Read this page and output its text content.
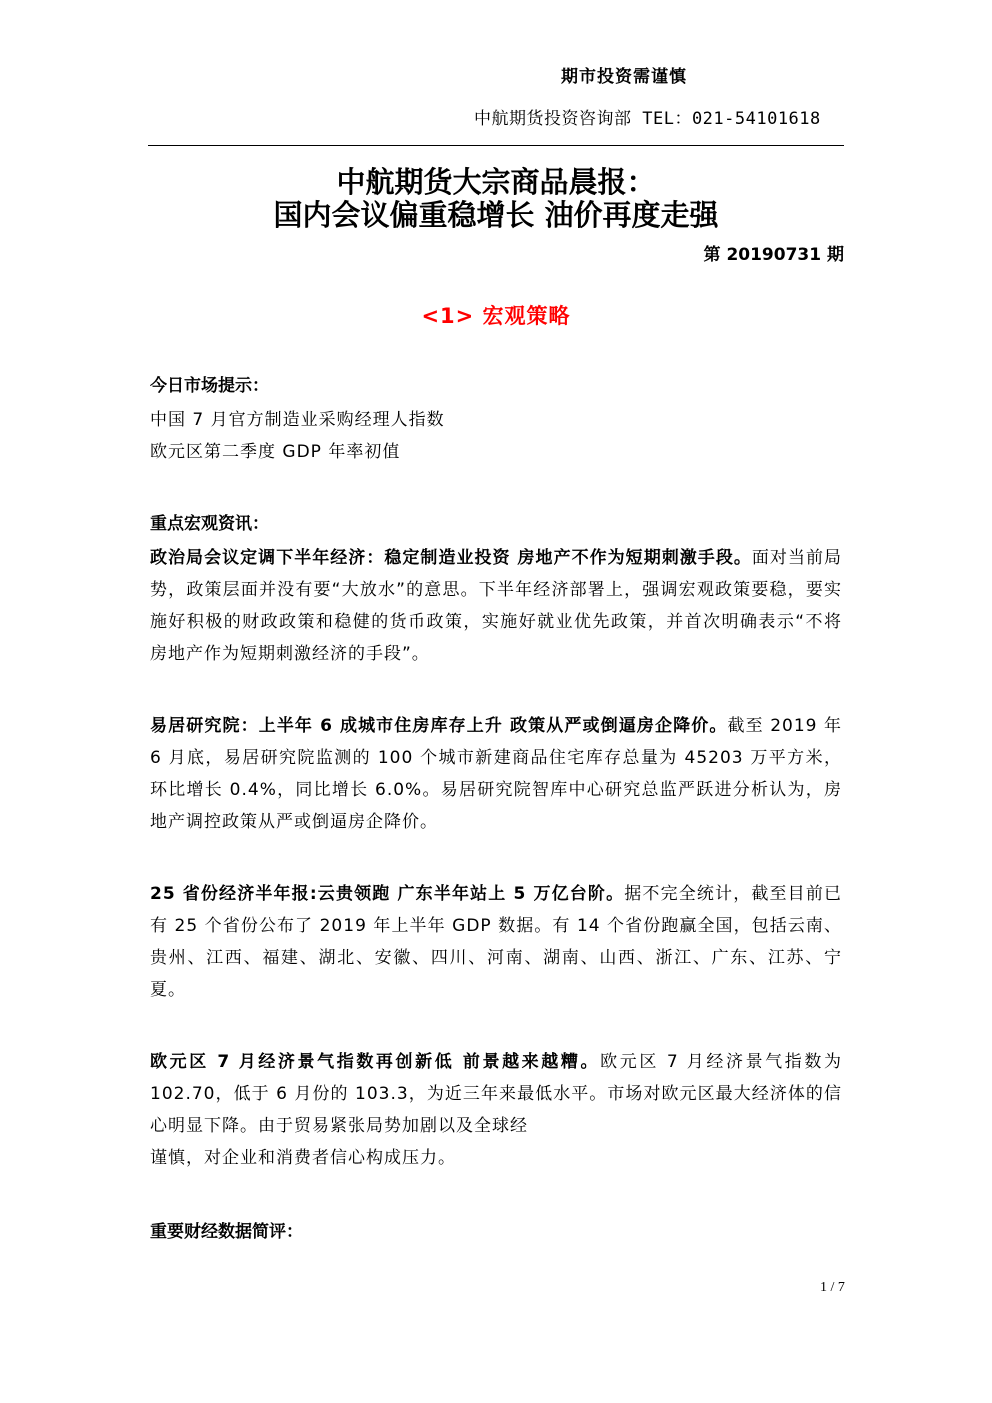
期市投资需谨慎
中航期货投资咨询部 TEL：021-54101618
中航期货大宗商品晨报：
国内会议偏重稳增长 油价再度走强
第 20190731 期
<1> 宏观策略
今日市场提示：
中国 7 月官方制造业采购经理人指数
欧元区第二季度 GDP 年率初值
重点宏观资讯：

政治局会议定调下半年经济：稳定制造业投资 房地产不作为短期刺激手段。面对当前局势，政策层面并没有要“大放水”的意思。下半年经济部署上，强调宏观政策要稳，要实施好积极的财政政策和稳健的货币政策，实施好就业优先政策，并首次明确表示“不将房地产作为短期刺激经济的手段”。

易居研究院：上半年 6 成城市住房库存上升 政策从严或倒逼房企降价。截至 2019 年 6 月底，易居研究院监测的 100 个城市新建商品住宅库存总量为 45203 万平方米，环比增长 0.4%，同比增长 6.0%。易居研究院智库中心研究总监严跃进分析认为，房地产调控政策从严或倒逼房企降价。

25 省份经济半年报:云贵领跑 广东半年站上 5 万亿台阶。据不完全统计，截至目前已有 25 个省份公布了 2019 年上半年 GDP 数据。有 14 个省份跑赢全国，包括云南、贵州、江西、福建、湖北、安徽、四川、河南、湖南、山西、浙江、广东、江苏、宁夏。

欧元区 7 月经济景气指数再创新低 前景越来越糟。欧元区 7 月经济景气指数为 102.70，低于 6 月份的 103.3，为近三年来最低水平。市场对欧元区最大经济体的信心明显下降。由于贸易紧张局势加剧以及全球经
谨慎，对企业和消费者信心构成压力。

重要财经数据简评：
1 / 7
